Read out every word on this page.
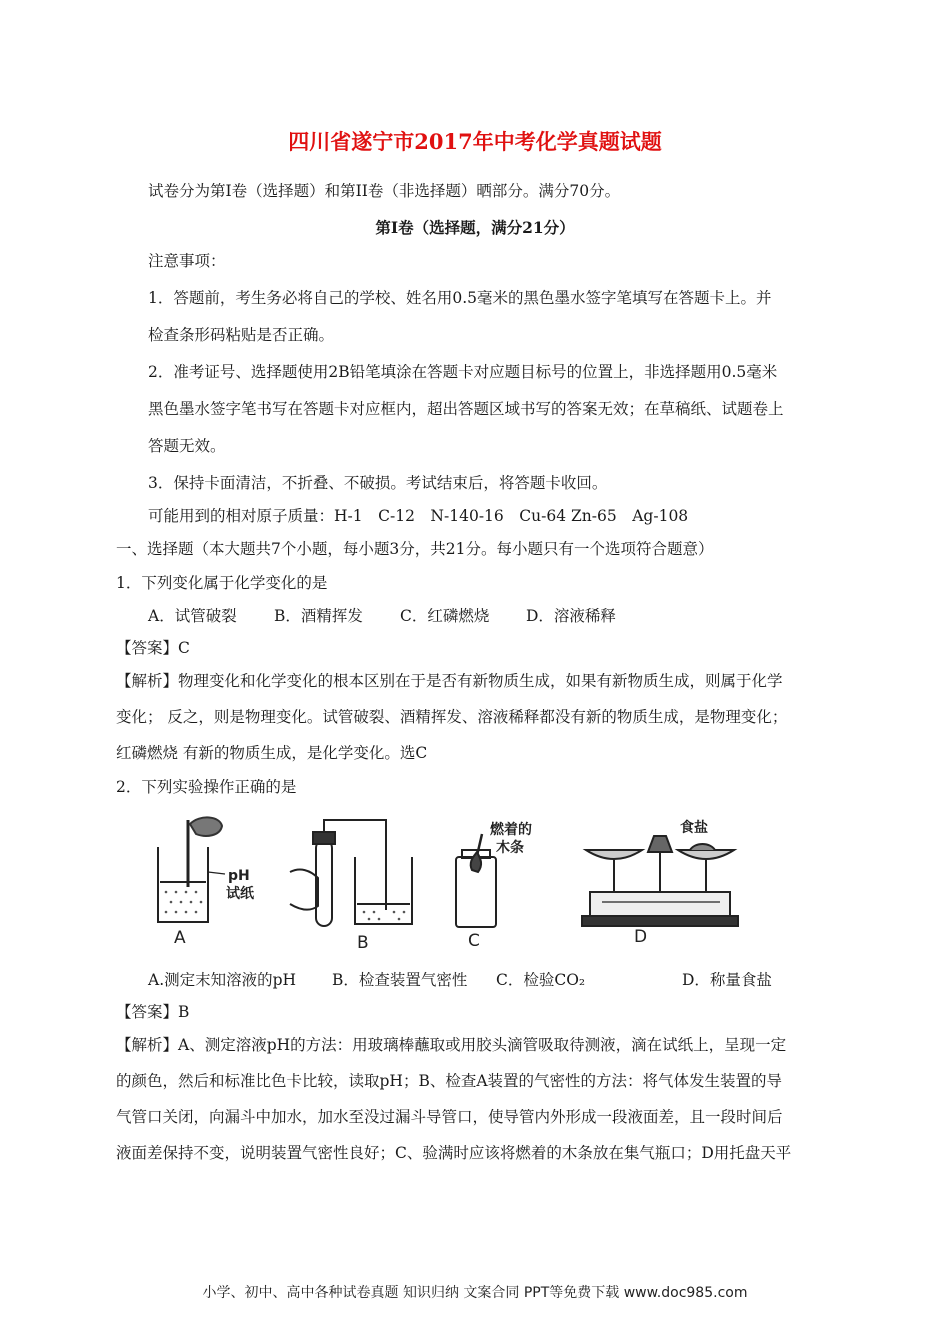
四川省遂宁市2017年中考化学真题试题
试卷分为第I卷（选择题）和第II卷（非选择题）晒部分。满分70分。
第I卷（选择题，满分21分）
注意事项：
1．答题前，考生务必将自己的学校、姓名用0.5毫米的黑色墨水签字笔填写在答题卡上。并
检查条形码粘贴是否正确。
2．准考证号、选择题使用2B铅笔填涂在答题卡对应题目标号的位置上，非选择题用0.5毫米
黑色墨水签字笔书写在答题卡对应框内，超出答题区域书写的答案无效；在草稿纸、试题卷上
答题无效。
3．保持卡面清洁，不折叠、不破损。考试结束后，将答题卡收回。
可能用到的相对原子质量：H-1　C-12　N-140-16　Cu-64 Zn-65　Ag-108
一、选择题（本大题共7个小题，每小题3分，共21分。每小题只有一个选项符合题意）
1．下列变化属于化学变化的是
A．试管破裂 B．酒精挥发 C．红磷燃烧 D．溶液稀释
【答案】C
【解析】物理变化和化学变化的根本区别在于是否有新物质生成，如果有新物质生成，则属于化学
变化； 反之，则是物理变化。试管破裂、酒精挥发、溶液稀释都没有新的物质生成，是物理变化；
红磷燃烧 有新的物质生成，是化学变化。选C
2．下列实验操作正确的是
pH
试纸
A	B
燃着的
木条
C
食盐
D
A.测定末知溶液的pH B．检查装置气密性 C．检验CO₂	D．称量食盐
【答案】B
【解析】A、测定溶液pH的方法：用玻璃棒蘸取或用胶头滴管吸取待测液，滴在试纸上，呈现一定
的颜色，然后和标准比色卡比较，读取pH；B、检查A装置的气密性的方法：将气体发生装置的导
气管口关闭，向漏斗中加水，加水至没过漏斗导管口，使导管内外形成一段液面差，且一段时间后
液面差保持不变，说明装置气密性良好；C、验满时应该将燃着的木条放在集气瓶口；D用托盘天平
小学、初中、高中各种试卷真题 知识归纳 文案合同 PPT等免费下载 www.doc985.com
